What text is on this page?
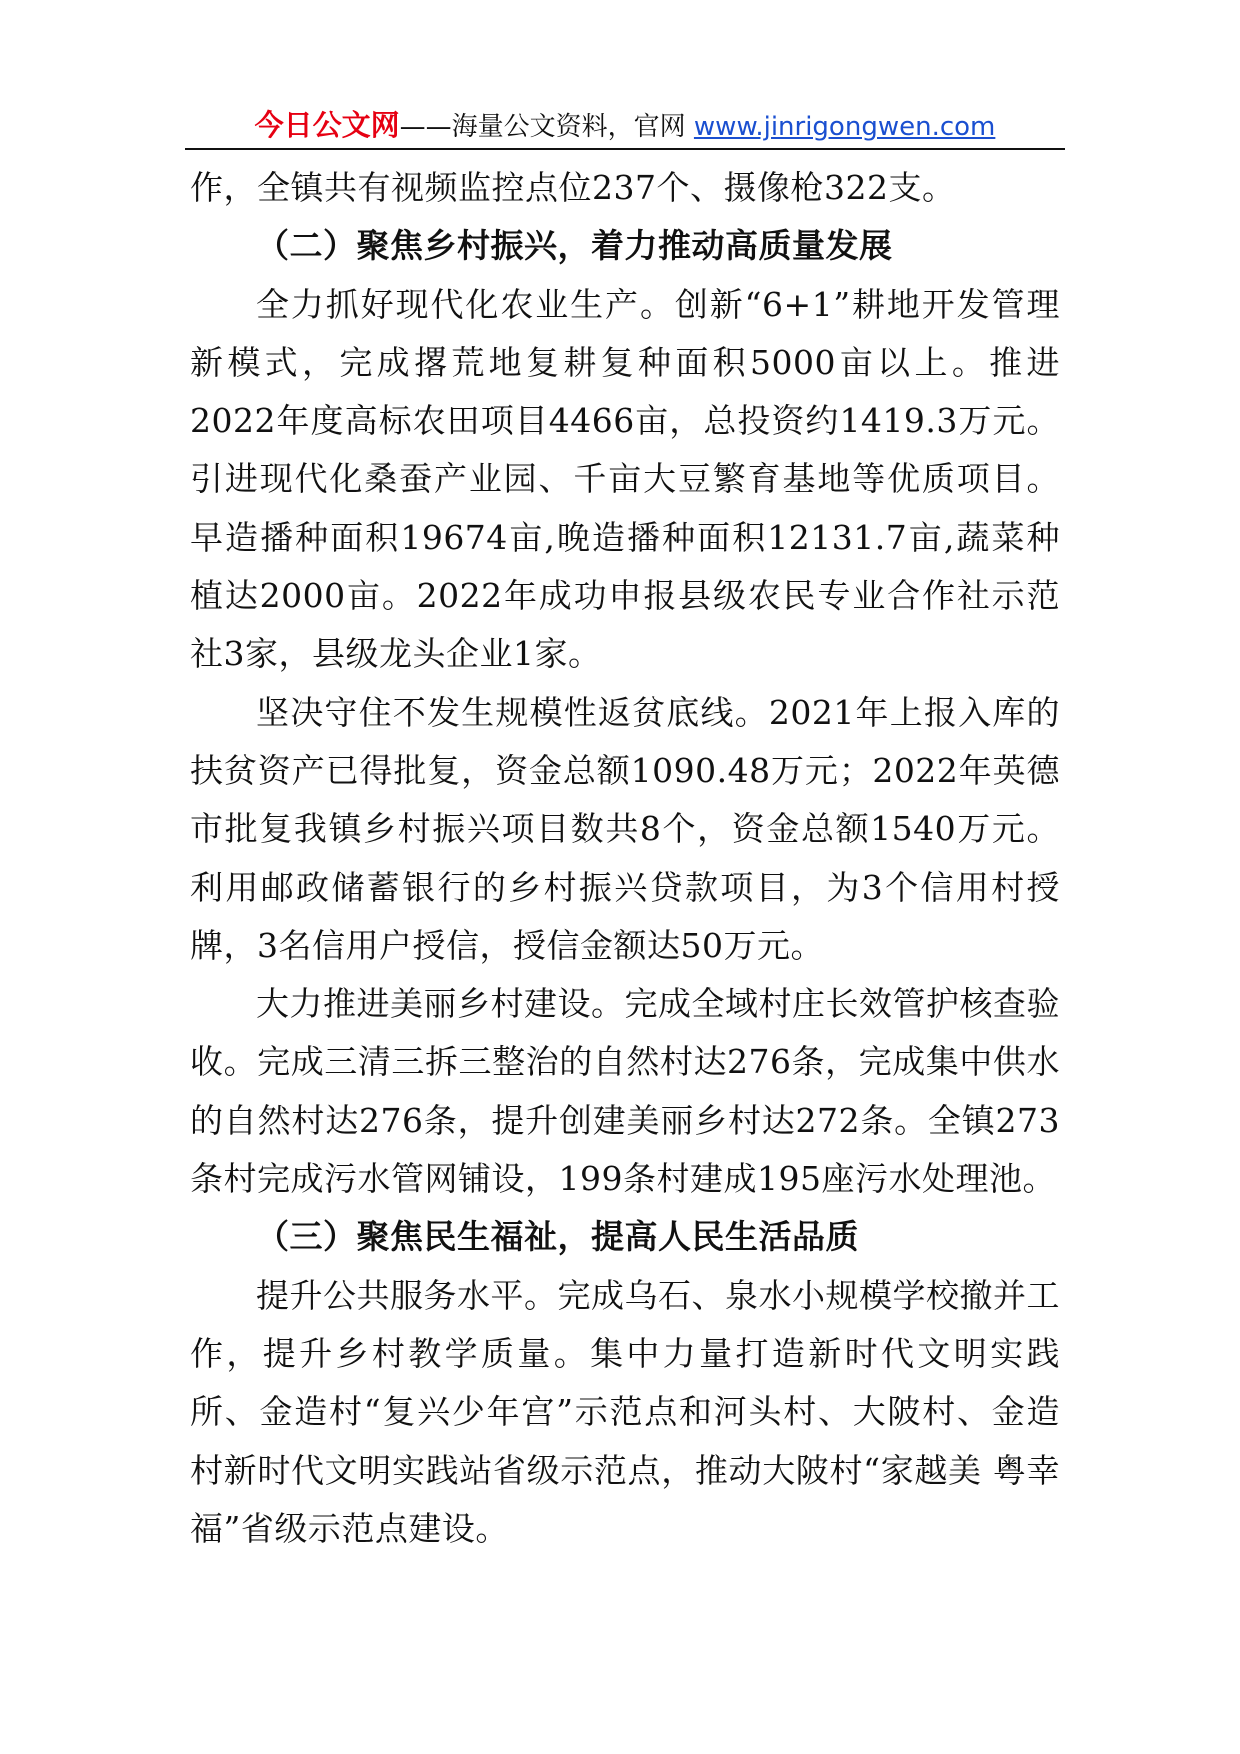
今日公文网——海量公文资料，官网 www.jinrigongwen.com

作，全镇共有视频监控点位237个、摄像枪322支。

（二）聚焦乡村振兴，着力推动高质量发展

全力抓好现代化农业生产。创新“6+1”耕地开发管理新模式，完成撂荒地复耕复种面积5000亩以上。推进2022年度高标农田项目4466亩，总投资约1419.3万元。引进现代化桑蚕产业园、千亩大豆繁育基地等优质项目。早造播种面积19674亩,晚造播种面积12131.7亩,蔬菜种植达2000亩。2022年成功申报县级农民专业合作社示范社3家，县级龙头企业1家。

坚决守住不发生规模性返贫底线。2021年上报入库的扶贫资产已得批复，资金总额1090.48万元；2022年英德市批复我镇乡村振兴项目数共8个，资金总额1540万元。利用邮政储蓄银行的乡村振兴贷款项目，为3个信用村授牌，3名信用户授信，授信金额达50万元。

大力推进美丽乡村建设。完成全域村庄长效管护核查验收。完成三清三拆三整治的自然村达276条，完成集中供水的自然村达276条，提升创建美丽乡村达272条。全镇273条村完成污水管网铺设，199条村建成195座污水处理池。

（三）聚焦民生福祉，提高人民生活品质

提升公共服务水平。完成乌石、泉水小规模学校撤并工作，提升乡村教学质量。集中力量打造新时代文明实践所、金造村“复兴少年宫”示范点和河头村、大陂村、金造村新时代文明实践站省级示范点，推动大陂村“家越美 粤幸福”省级示范点建设。
